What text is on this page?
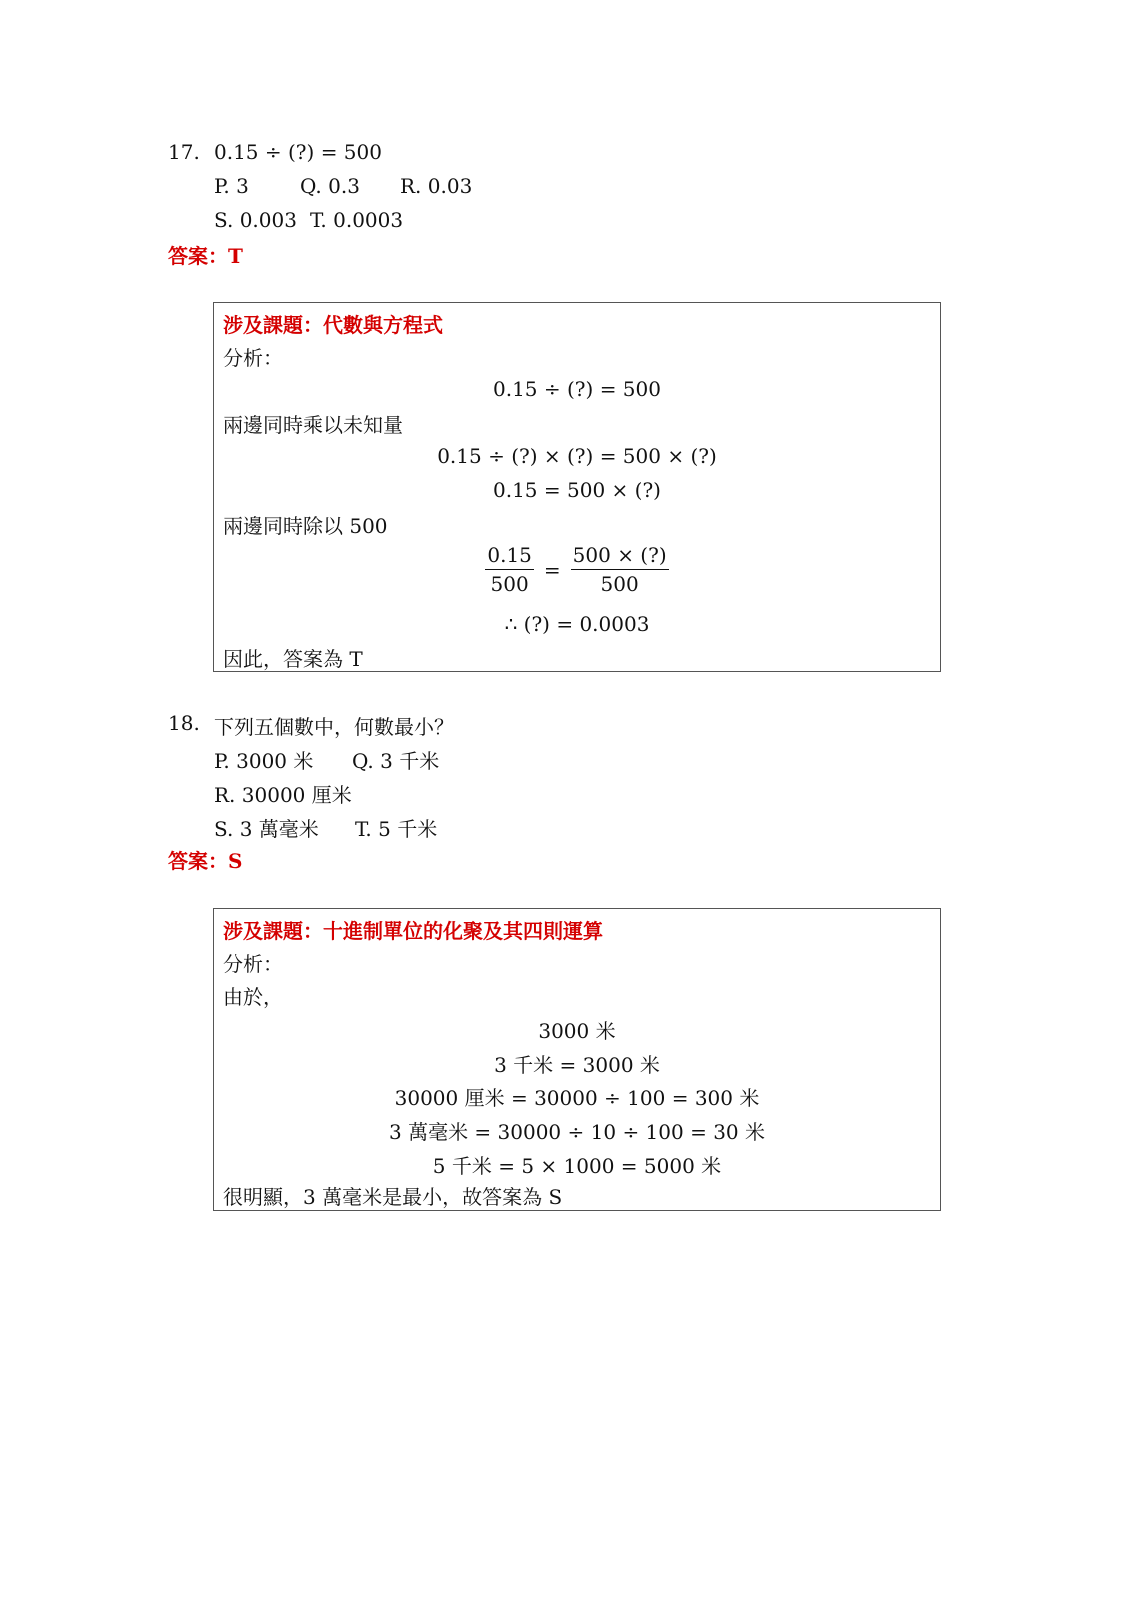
17. 0.15 ÷ (?) = 500
P. 3	Q. 0.3 R. 0.03
S. 0.003 T. 0.0003
答案：T
涉及課題：代數與方程式
分析：
0.15 ÷ (?) = 500
兩邊同時乘以未知量
0.15 ÷ (?) × (?) = 500 × (?)
0.15 = 500 × (?)
兩邊同時除以 500
$\frac{0.15}{500} = \frac{500 \times (?)}{500}$
∴ (?) = 0.0003
因此，答案為 T
18. 下列五個數中，何數最小？
P. 3000 米 Q. 3 千米
R. 30000 厘米
S. 3 萬毫米 T. 5 千米
答案：S
涉及課題：十進制單位的化聚及其四則運算
分析：
由於，
3000 米
3 千米 = 3000 米
30000 厘米 = 30000 ÷ 100 = 300 米
3 萬毫米 = 30000 ÷ 10 ÷ 100 = 30 米
5 千米 = 5 × 1000 = 5000 米
很明顯，3 萬毫米是最小，故答案為 S
